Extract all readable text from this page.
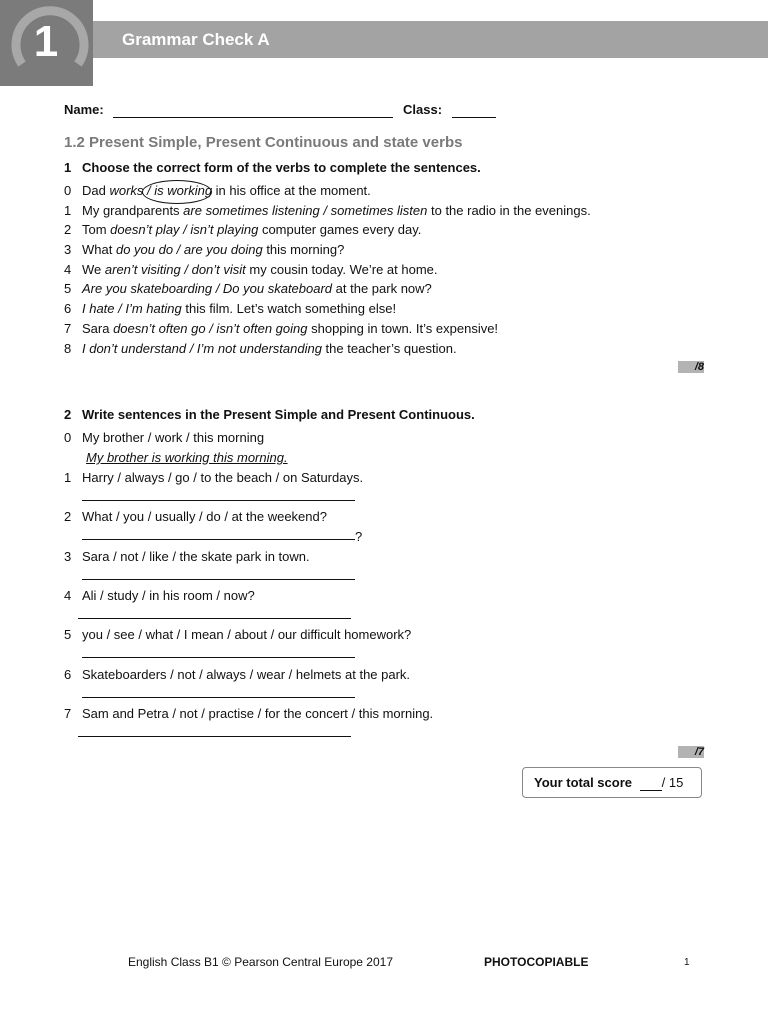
1	Grammar Check A
Name:	Class:
1.2 Present Simple, Present Continuous and state verbs
1 Choose the correct form of the verbs to complete the sentences.
0 Dad works / is working in his office at the moment.
1 My grandparents are sometimes listening / sometimes listen to the radio in the evenings.
2 Tom doesn’t play / isn’t playing computer games every day.
3 What do you do / are you doing this morning?
4 We aren’t visiting / don’t visit my cousin today. We’re at home.
5 Are you skateboarding / Do you skateboard at the park now?
6 I hate / I’m hating this film. Let’s watch something else!
7 Sara doesn’t often go / isn’t often going shopping in town. It’s expensive!
8 I don’t understand / I’m not understanding the teacher’s question.
/8
2 Write sentences in the Present Simple and Present Continuous.
0 My brother / work / this morning
My brother is working this morning.
1 Harry / always / go / to the beach / on Saturdays.
2 What / you / usually / do / at the weekend?
?
3 Sara / not / like / the skate park in town.
4 Ali / study / in his room / now?
5 you / see / what / I mean / about / our difficult homework?
6 Skateboarders / not / always / wear / helmets at the park.
7 Sam and Petra / not / practise / for the concert / this morning.
/7
Your total score / 15
English Class B1 © Pearson Central Europe 2017	PHOTOCOPIABLE	1
